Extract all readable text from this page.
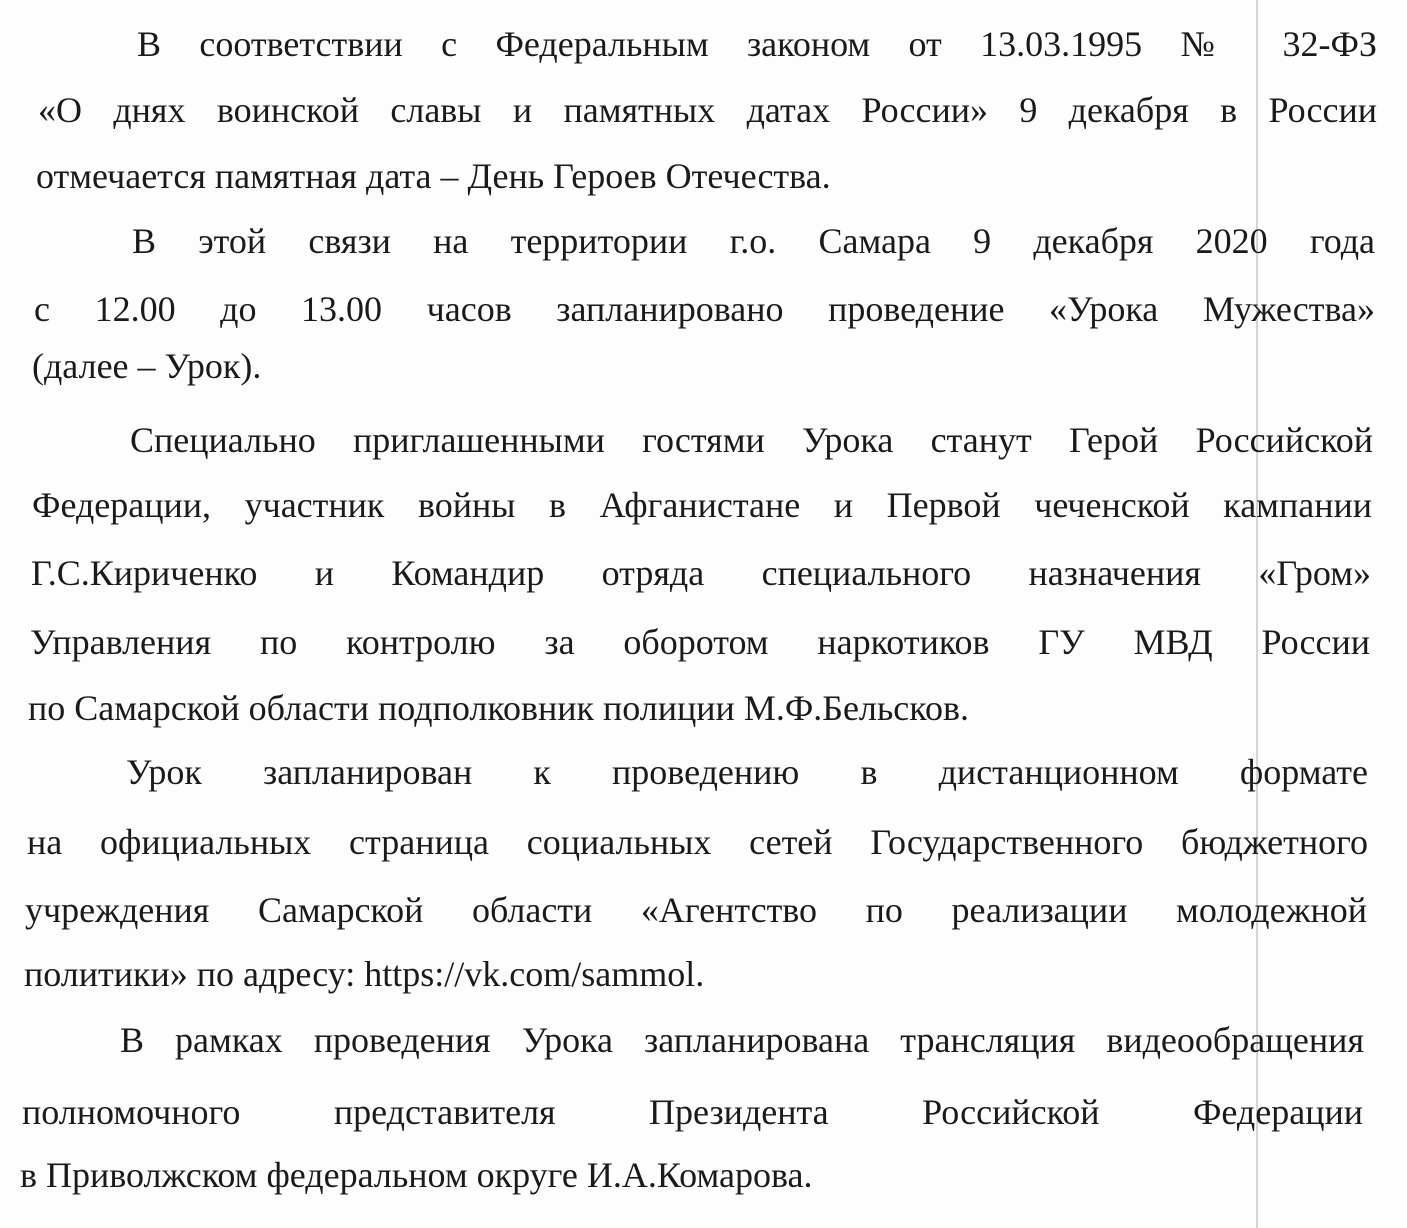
В соответствии с Федеральным законом от 13.03.1995 № 32-ФЗ

«О днях воинской славы и памятных датах России» 9 декабря в России

отмечается памятная дата – День Героев Отечества.

В этой связи на территории г.о. Самара 9 декабря 2020 года

с 12.00 до 13.00 часов запланировано проведение «Урока Мужества»

(далее – Урок).

Специально приглашенными гостями Урока станут Герой Российской

Федерации, участник войны в Афганистане и Первой чеченской кампании

Г.С.Кириченко и Командир отряда специального назначения «Гром»

Управления по контролю за оборотом наркотиков ГУ МВД России

по Самарской области подполковник полиции М.Ф.Бельсков.

Урок запланирован к проведению в дистанционном формате

на официальных страница социальных сетей Государственного бюджетного

учреждения Самарской области «Агентство по реализации молодежной

политики» по адресу: https://vk.com/sammol.

В рамках проведения Урока запланирована трансляция видеообращения

полномочного представителя Президента Российской Федерации

в Приволжском федеральном округе И.А.Комарова.
